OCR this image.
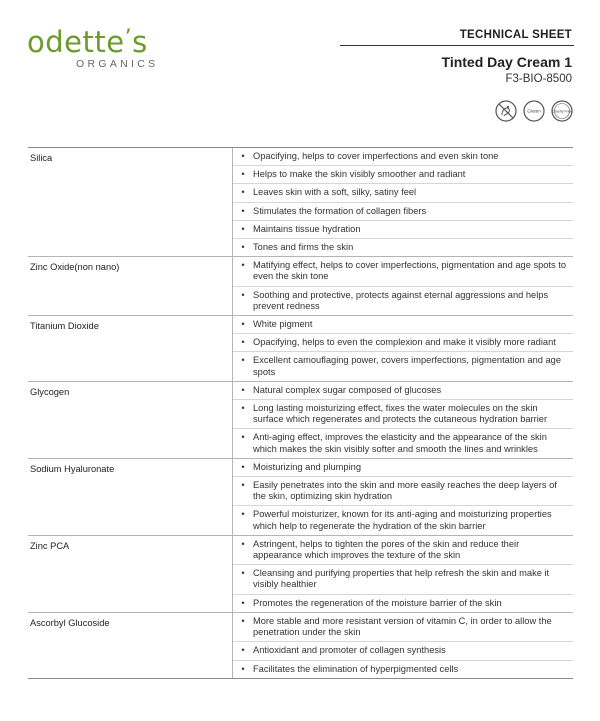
odette’s
ORGANICS
TECHNICAL SHEET
Tinted Day Cream 1
F3-BIO-8500
Gluten	Cruelty Free
Silica	• Opacifying, helps to cover imperfections and even skin tone
• Helps to make the skin visibly smoother and radiant
• Leaves skin with a soft, silky, satiny feel
• Stimulates the formation of collagen fibers
• Maintains tissue hydration
• Tones and firms the skin
Zinc Oxide(non nano)	• Matifying effect, helps to cover imperfections, pigmentation and age spots to even the skin tone
• Soothing and protective, protects against eternal aggressions and helps prevent redness
Titanium Dioxide	• White pigment
• Opacifying, helps to even the complexion and make it visibly more radiant
• Excellent camouflaging power, covers imperfections, pigmentation and age spots
Glycogen	• Natural complex sugar composed of glucoses
• Long lasting moisturizing effect, fixes the water molecules on the skin surface which regenerates and protects the cutaneous hydration barrier
• Anti-aging effect, improves the elasticity and the appearance of the skin which makes the skin visibly softer and smooth the lines and wrinkles
Sodium Hyaluronate	• Moisturizing and plumping
• Easily penetrates into the skin and more easily reaches the deep layers of the skin, optimizing skin hydration
• Powerful moisturizer, known for its anti-aging and moisturizing properties which help to regenerate the hydration of the skin barrier
Zinc PCA	• Astringent, helps to tighten the pores of the skin and reduce their appearance which improves the texture of the skin
• Cleansing and purifying properties that help refresh the skin and make it visibly healthier
• Promotes the regeneration of the moisture barrier of the skin
Ascorbyl Glucoside	• More stable and more resistant version of vitamin C, in order to allow the penetration under the skin
• Antioxidant and promoter of collagen synthesis
• Facilitates the elimination of hyperpigmented cells
